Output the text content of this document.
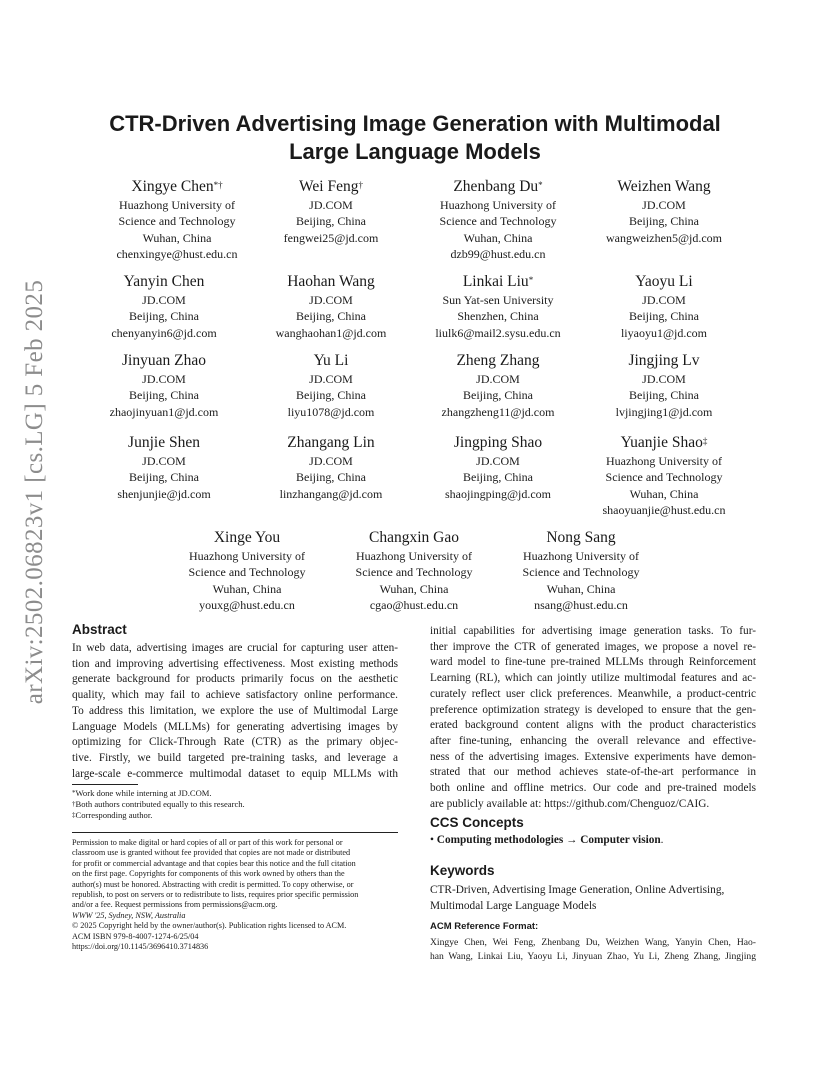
arXiv:2502.06823v1 [cs.LG] 5 Feb 2025
CTR-Driven Advertising Image Generation with Multimodal
Large Language Models
Xingye Chen*†
Huazhong University of
Science and Technology
Wuhan, China
chenxingye@hust.edu.cn
Wei Feng†
JD.COM
Beijing, China
fengwei25@jd.com
Zhenbang Du*
Huazhong University of
Science and Technology
Wuhan, China
dzb99@hust.edu.cn
Weizhen Wang
JD.COM
Beijing, China
wangweizhen5@jd.com
Yanyin Chen
JD.COM
Beijing, China
chenyanyin6@jd.com
Haohan Wang
JD.COM
Beijing, China
wanghaohan1@jd.com
Linkai Liu*
Sun Yat-sen University
Shenzhen, China
liulk6@mail2.sysu.edu.cn
Yaoyu Li
JD.COM
Beijing, China
liyaoyu1@jd.com
Jinyuan Zhao
JD.COM
Beijing, China
zhaojinyuan1@jd.com
Yu Li
JD.COM
Beijing, China
liyu1078@jd.com
Zheng Zhang
JD.COM
Beijing, China
zhangzheng11@jd.com
Jingjing Lv
JD.COM
Beijing, China
lvjingjing1@jd.com
Junjie Shen
JD.COM
Beijing, China
shenjunjie@jd.com
Zhangang Lin
JD.COM
Beijing, China
linzhangang@jd.com
Jingping Shao
JD.COM
Beijing, China
shaojingping@jd.com
Yuanjie Shao‡
Huazhong University of
Science and Technology
Wuhan, China
shaoyuanjie@hust.edu.cn
Xinge You
Huazhong University of
Science and Technology
Wuhan, China
youxg@hust.edu.cn
Changxin Gao
Huazhong University of
Science and Technology
Wuhan, China
cgao@hust.edu.cn
Nong Sang
Huazhong University of
Science and Technology
Wuhan, China
nsang@hust.edu.cn
Abstract
In web data, advertising images are crucial for capturing user atten-
tion and improving advertising effectiveness. Most existing methods
generate background for products primarily focus on the aesthetic
quality, which may fail to achieve satisfactory online performance.
To address this limitation, we explore the use of Multimodal Large
Language Models (MLLMs) for generating advertising images by
optimizing for Click-Through Rate (CTR) as the primary objec-
tive. Firstly, we build targeted pre-training tasks, and leverage a
large-scale e-commerce multimodal dataset to equip MLLMs with
initial capabilities for advertising image generation tasks. To fur-
ther improve the CTR of generated images, we propose a novel re-
ward model to fine-tune pre-trained MLLMs through Reinforcement
Learning (RL), which can jointly utilize multimodal features and ac-
curately reflect user click preferences. Meanwhile, a product-centric
preference optimization strategy is developed to ensure that the gen-
erated background content aligns with the product characteristics
after fine-tuning, enhancing the overall relevance and effective-
ness of the advertising images. Extensive experiments have demon-
strated that our method achieves state-of-the-art performance in
both online and offline metrics. Our code and pre-trained models
are publicly available at: https://github.com/Chenguoz/CAIG.
*Work done while interning at JD.COM.
†Both authors contributed equally to this research.
‡Corresponding author.
Permission to make digital or hard copies of all or part of this work for personal or
classroom use is granted without fee provided that copies are not made or distributed
for profit or commercial advantage and that copies bear this notice and the full citation
on the first page. Copyrights for components of this work owned by others than the
author(s) must be honored. Abstracting with credit is permitted. To copy otherwise, or
republish, to post on servers or to redistribute to lists, requires prior specific permission
and/or a fee. Request permissions from permissions@acm.org.
WWW '25, Sydney, NSW, Australia
© 2025 Copyright held by the owner/author(s). Publication rights licensed to ACM.
ACM ISBN 979-8-4007-1274-6/25/04
https://doi.org/10.1145/3696410.3714836
CCS Concepts
• Computing methodologies → Computer vision.
Keywords
CTR-Driven, Advertising Image Generation, Online Advertising,
Multimodal Large Language Models
ACM Reference Format:
Xingye Chen, Wei Feng, Zhenbang Du, Weizhen Wang, Yanyin Chen, Hao-
han Wang, Linkai Liu, Yaoyu Li, Jinyuan Zhao, Yu Li, Zheng Zhang, Jingjing
